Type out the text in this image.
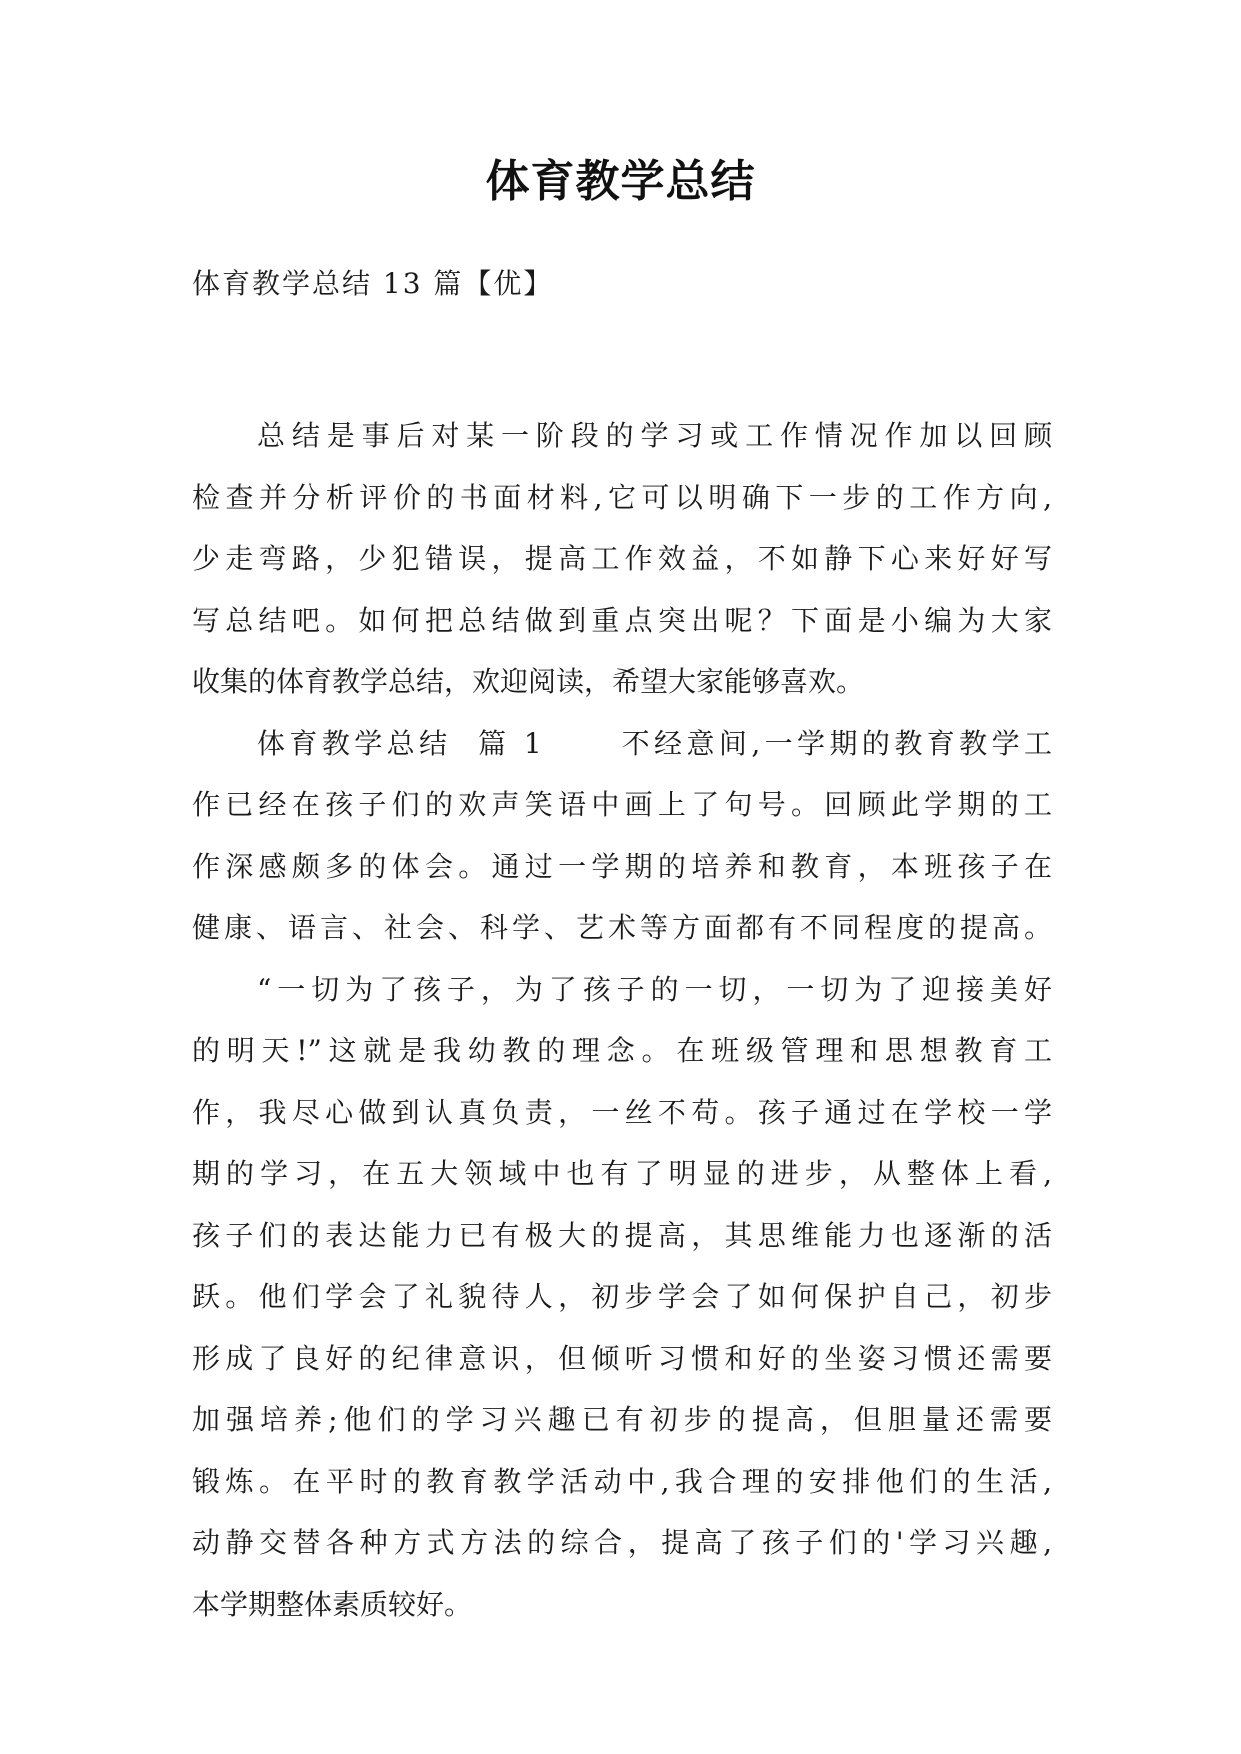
体育教学总结
体育教学总结 13 篇【优】
总结是事后对某一阶段的学习或工作情况作加以回顾
检查并分析评价的书面材料,它可以明确下一步的工作方向,
少走弯路，少犯错误，提高工作效益，不如静下心来好好写
写总结吧。如何把总结做到重点突出呢？下面是小编为大家
收集的体育教学总结，欢迎阅读，希望大家能够喜欢。
体育教学总结  篇 1      不经意间,一学期的教育教学工
作已经在孩子们的欢声笑语中画上了句号。回顾此学期的工
作深感颇多的体会。通过一学期的培养和教育，本班孩子在
健康、语言、社会、科学、艺术等方面都有不同程度的提高。
“一切为了孩子，为了孩子的一切，一切为了迎接美好
的明天!”这就是我幼教的理念。在班级管理和思想教育工
作，我尽心做到认真负责，一丝不苟。孩子通过在学校一学
期的学习，在五大领域中也有了明显的进步，从整体上看,
孩子们的表达能力已有极大的提高，其思维能力也逐渐的活
跃。他们学会了礼貌待人，初步学会了如何保护自己，初步
形成了良好的纪律意识，但倾听习惯和好的坐姿习惯还需要
加强培养;他们的学习兴趣已有初步的提高，但胆量还需要
锻炼。在平时的教育教学活动中,我合理的安排他们的生活,
动静交替各种方式方法的综合，提高了孩子们的'学习兴趣,
本学期整体素质较好。
